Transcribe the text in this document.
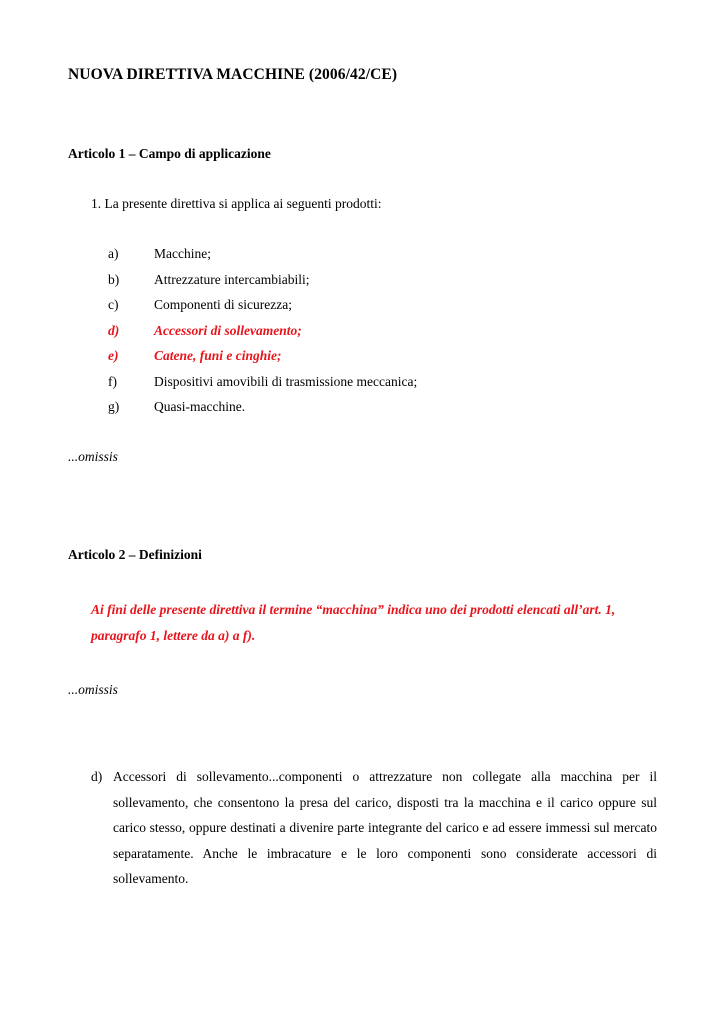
NUOVA DIRETTIVA MACCHINE (2006/42/CE)
Articolo 1 – Campo di applicazione
1. La presente direttiva si applica ai seguenti prodotti:
a)	Macchine;
b)	Attrezzature intercambiabili;
c)	Componenti di sicurezza;
d)	Accessori di sollevamento;
e)	Catene, funi e cinghie;
f)	Dispositivi amovibili di trasmissione meccanica;
g)	Quasi-macchine.
...omissis
Articolo 2 – Definizioni
Ai fini delle presente direttiva il termine “macchina” indica uno dei prodotti elencati all’art. 1, paragrafo 1, lettere da a) a f).
...omissis
d) Accessori di sollevamento...componenti o attrezzature non collegate alla macchina per il sollevamento, che consentono la presa del carico, disposti tra la macchina e il carico oppure sul carico stesso, oppure destinati a divenire parte integrante del carico e ad essere immessi sul mercato separatamente. Anche le imbracature e le loro componenti sono considerate accessori di sollevamento.
